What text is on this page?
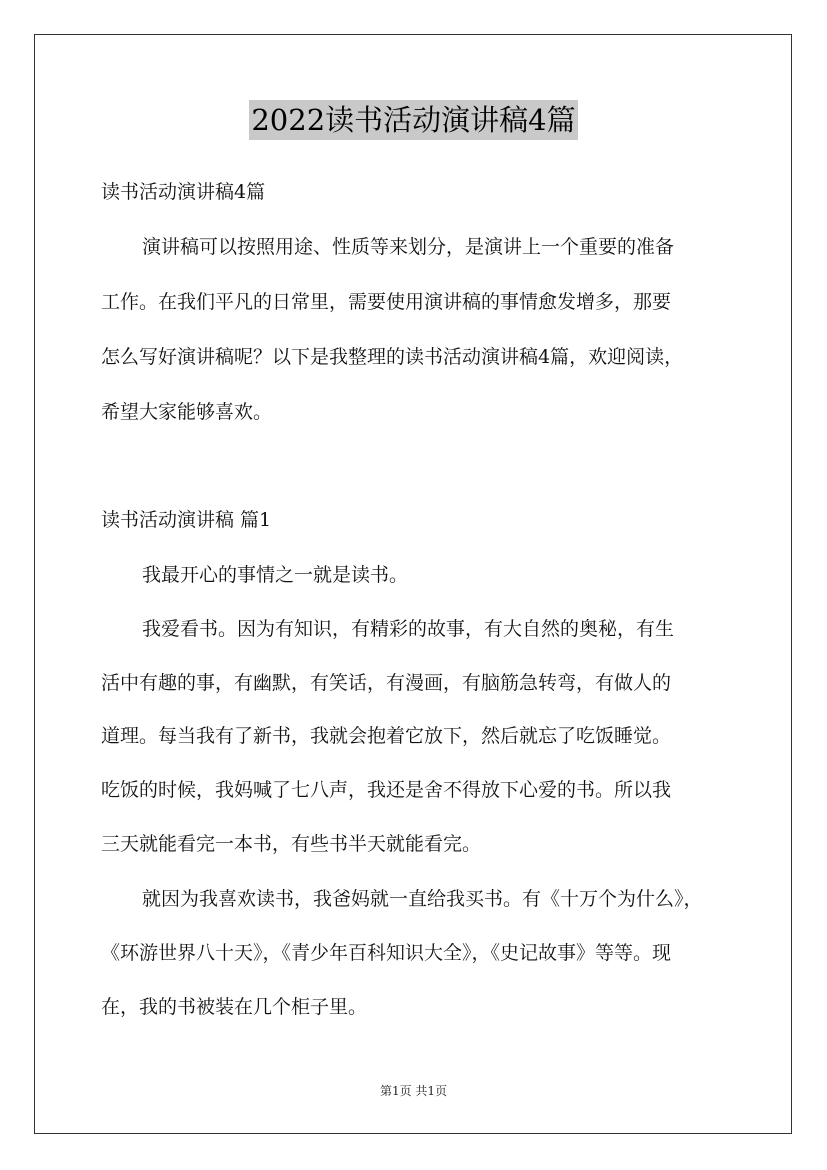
2022读书活动演讲稿4篇
读书活动演讲稿4篇
演讲稿可以按照用途、性质等来划分，是演讲上一个重要的准备
工作。在我们平凡的日常里，需要使用演讲稿的事情愈发增多，那要
怎么写好演讲稿呢？以下是我整理的读书活动演讲稿4篇，欢迎阅读，
希望大家能够喜欢。
读书活动演讲稿 篇1
我最开心的事情之一就是读书。
我爱看书。因为有知识，有精彩的故事，有大自然的奥秘，有生
活中有趣的事，有幽默，有笑话，有漫画，有脑筋急转弯，有做人的
道理。每当我有了新书，我就会抱着它放下，然后就忘了吃饭睡觉。
吃饭的时候，我妈喊了七八声，我还是舍不得放下心爱的书。所以我
三天就能看完一本书，有些书半天就能看完。
就因为我喜欢读书，我爸妈就一直给我买书。有《十万个为什么》，
《环游世界八十天》，《青少年百科知识大全》，《史记故事》等等。现
在，我的书被装在几个柜子里。
第1页 共1页
